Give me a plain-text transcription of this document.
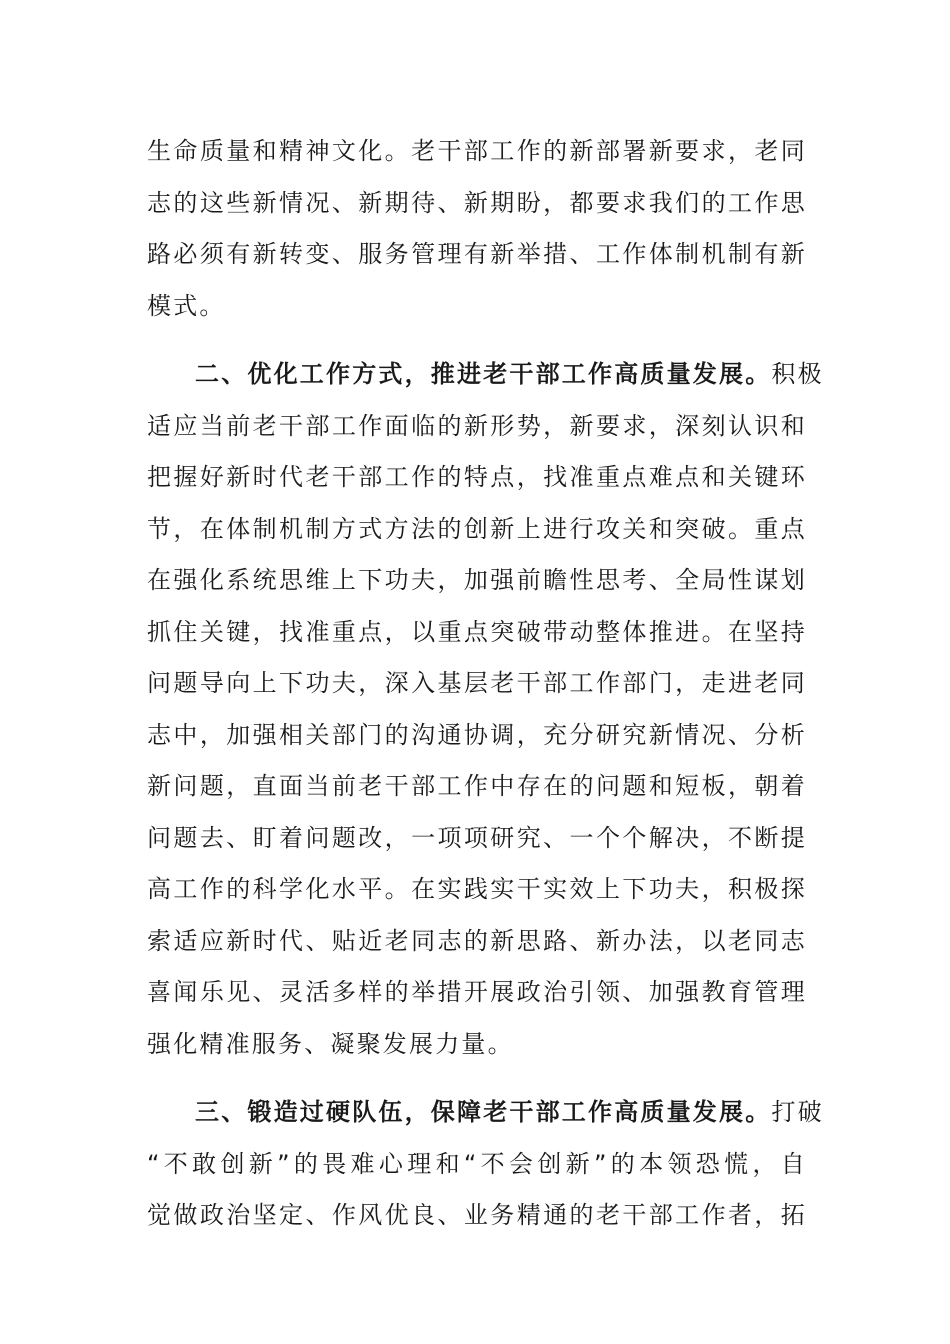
生命质量和精神文化。老干部工作的新部署新要求，老同
志的这些新情况、新期待、新期盼，都要求我们的工作思
路必须有新转变、服务管理有新举措、工作体制机制有新
模式。

二、优化工作方式，推进老干部工作高质量发展。积极
适应当前老干部工作面临的新形势，新要求，深刻认识和
把握好新时代老干部工作的特点，找准重点难点和关键环
节，在体制机制方式方法的创新上进行攻关和突破。重点
在强化系统思维上下功夫，加强前瞻性思考、全局性谋划
抓住关键，找准重点，以重点突破带动整体推进。在坚持
问题导向上下功夫，深入基层老干部工作部门，走进老同
志中，加强相关部门的沟通协调，充分研究新情况、分析
新问题，直面当前老干部工作中存在的问题和短板，朝着
问题去、盯着问题改，一项项研究、一个个解决，不断提
高工作的科学化水平。在实践实干实效上下功夫，积极探
索适应新时代、贴近老同志的新思路、新办法，以老同志
喜闻乐见、灵活多样的举措开展政治引领、加强教育管理
强化精准服务、凝聚发展力量。

三、锻造过硬队伍，保障老干部工作高质量发展。打破
“不敢创新”的畏难心理和“不会创新”的本领恐慌，自
觉做政治坚定、作风优良、业务精通的老干部工作者，拓
